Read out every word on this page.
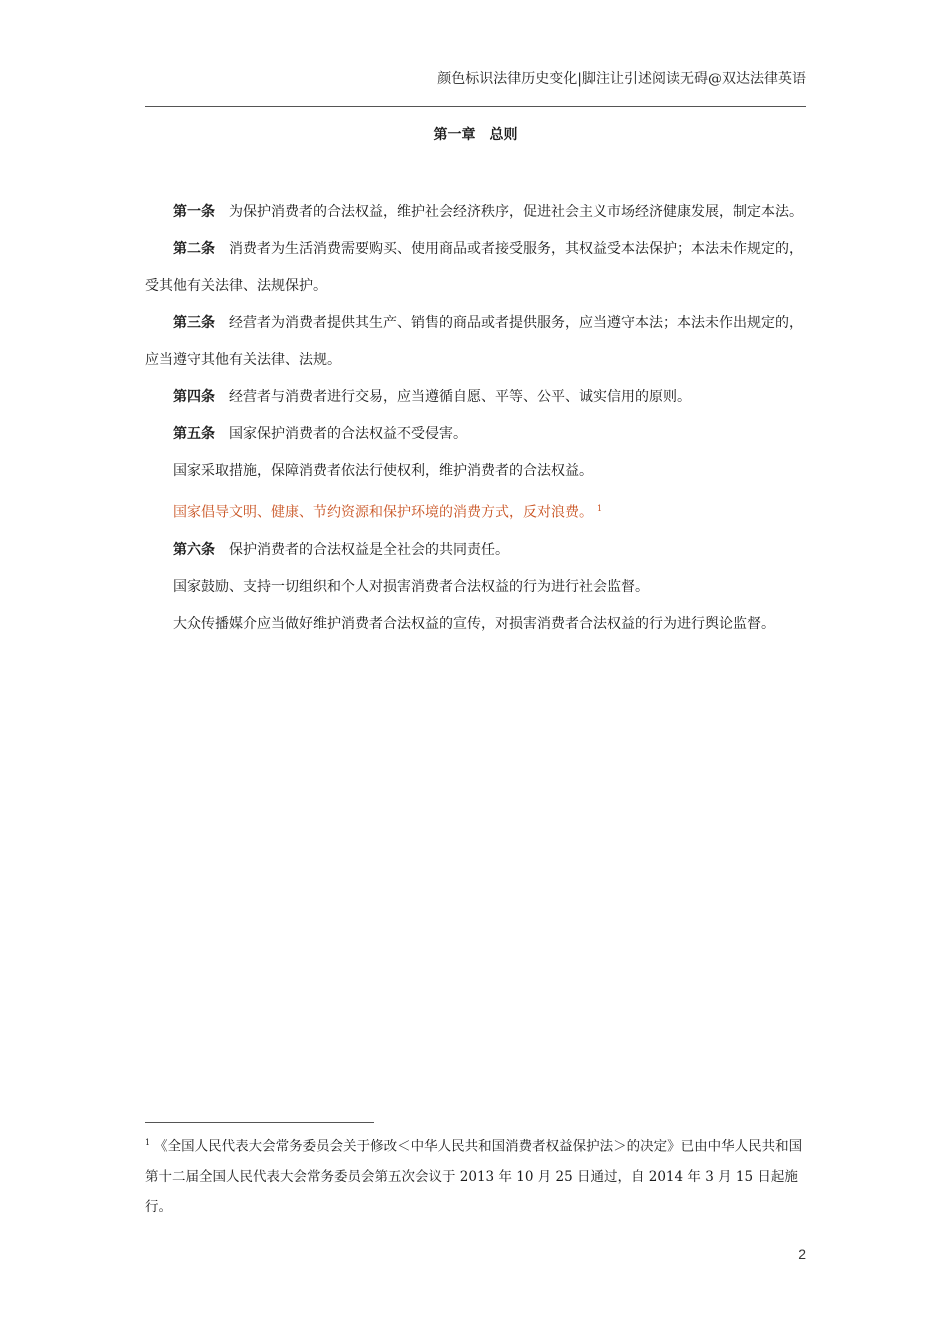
颜色标识法律历史变化|脚注让引述阅读无碍@双达法律英语
第一章　总则

第一条 为保护消费者的合法权益，维护社会经济秩序，促进社会主义市场经济健康发展，制定本法。

第二条 消费者为生活消费需要购买、使用商品或者接受服务，其权益受本法保护；本法未作规定的，受其他有关法律、法规保护。

第三条 经营者为消费者提供其生产、销售的商品或者提供服务，应当遵守本法；本法未作出规定的，应当遵守其他有关法律、法规。

第四条 经营者与消费者进行交易，应当遵循自愿、平等、公平、诚实信用的原则。

第五条 国家保护消费者的合法权益不受侵害。

国家采取措施，保障消费者依法行使权利，维护消费者的合法权益。

国家倡导文明、健康、节约资源和保护环境的消费方式，反对浪费。 $^1$

第六条 保护消费者的合法权益是全社会的共同责任。

国家鼓励、支持一切组织和个人对损害消费者合法权益的行为进行社会监督。

大众传播媒介应当做好维护消费者合法权益的宣传，对损害消费者合法权益的行为进行舆论监督。

$^1$ 《全国人民代表大会常务委员会关于修改＜中华人民共和国消费者权益保护法＞的决定》已由中华人民共和国第十二届全国人民代表大会常务委员会第五次会议于 2013 年 10 月 25 日通过，自 2014 年 3 月 15 日起施行。

2
